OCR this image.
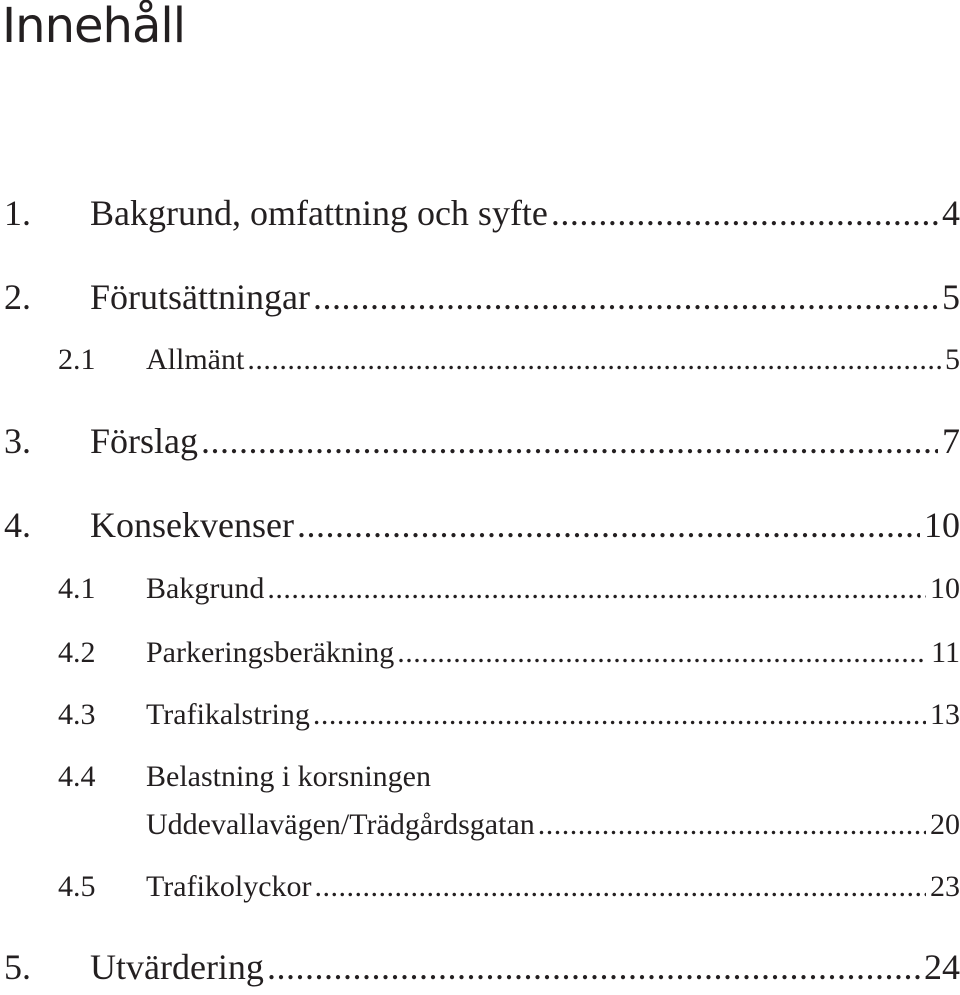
Innehåll
1. Bakgrund, omfattning och syfte .....	4
2. Förutsättningar .....	5
2.1 Allmänt .....	5
3. Förslag .....	7
4. Konsekvenser .....	10
4.1 Bakgrund .....	10
4.2 Parkeringsberäkning .....	11
4.3 Trafikalstring .....	13
4.4 Belastning i korsningen
Uddevallavägen/Trädgårdsgatan .....	20
4.5 Trafikolyckor .....	23
5. Utvärdering .....	24
